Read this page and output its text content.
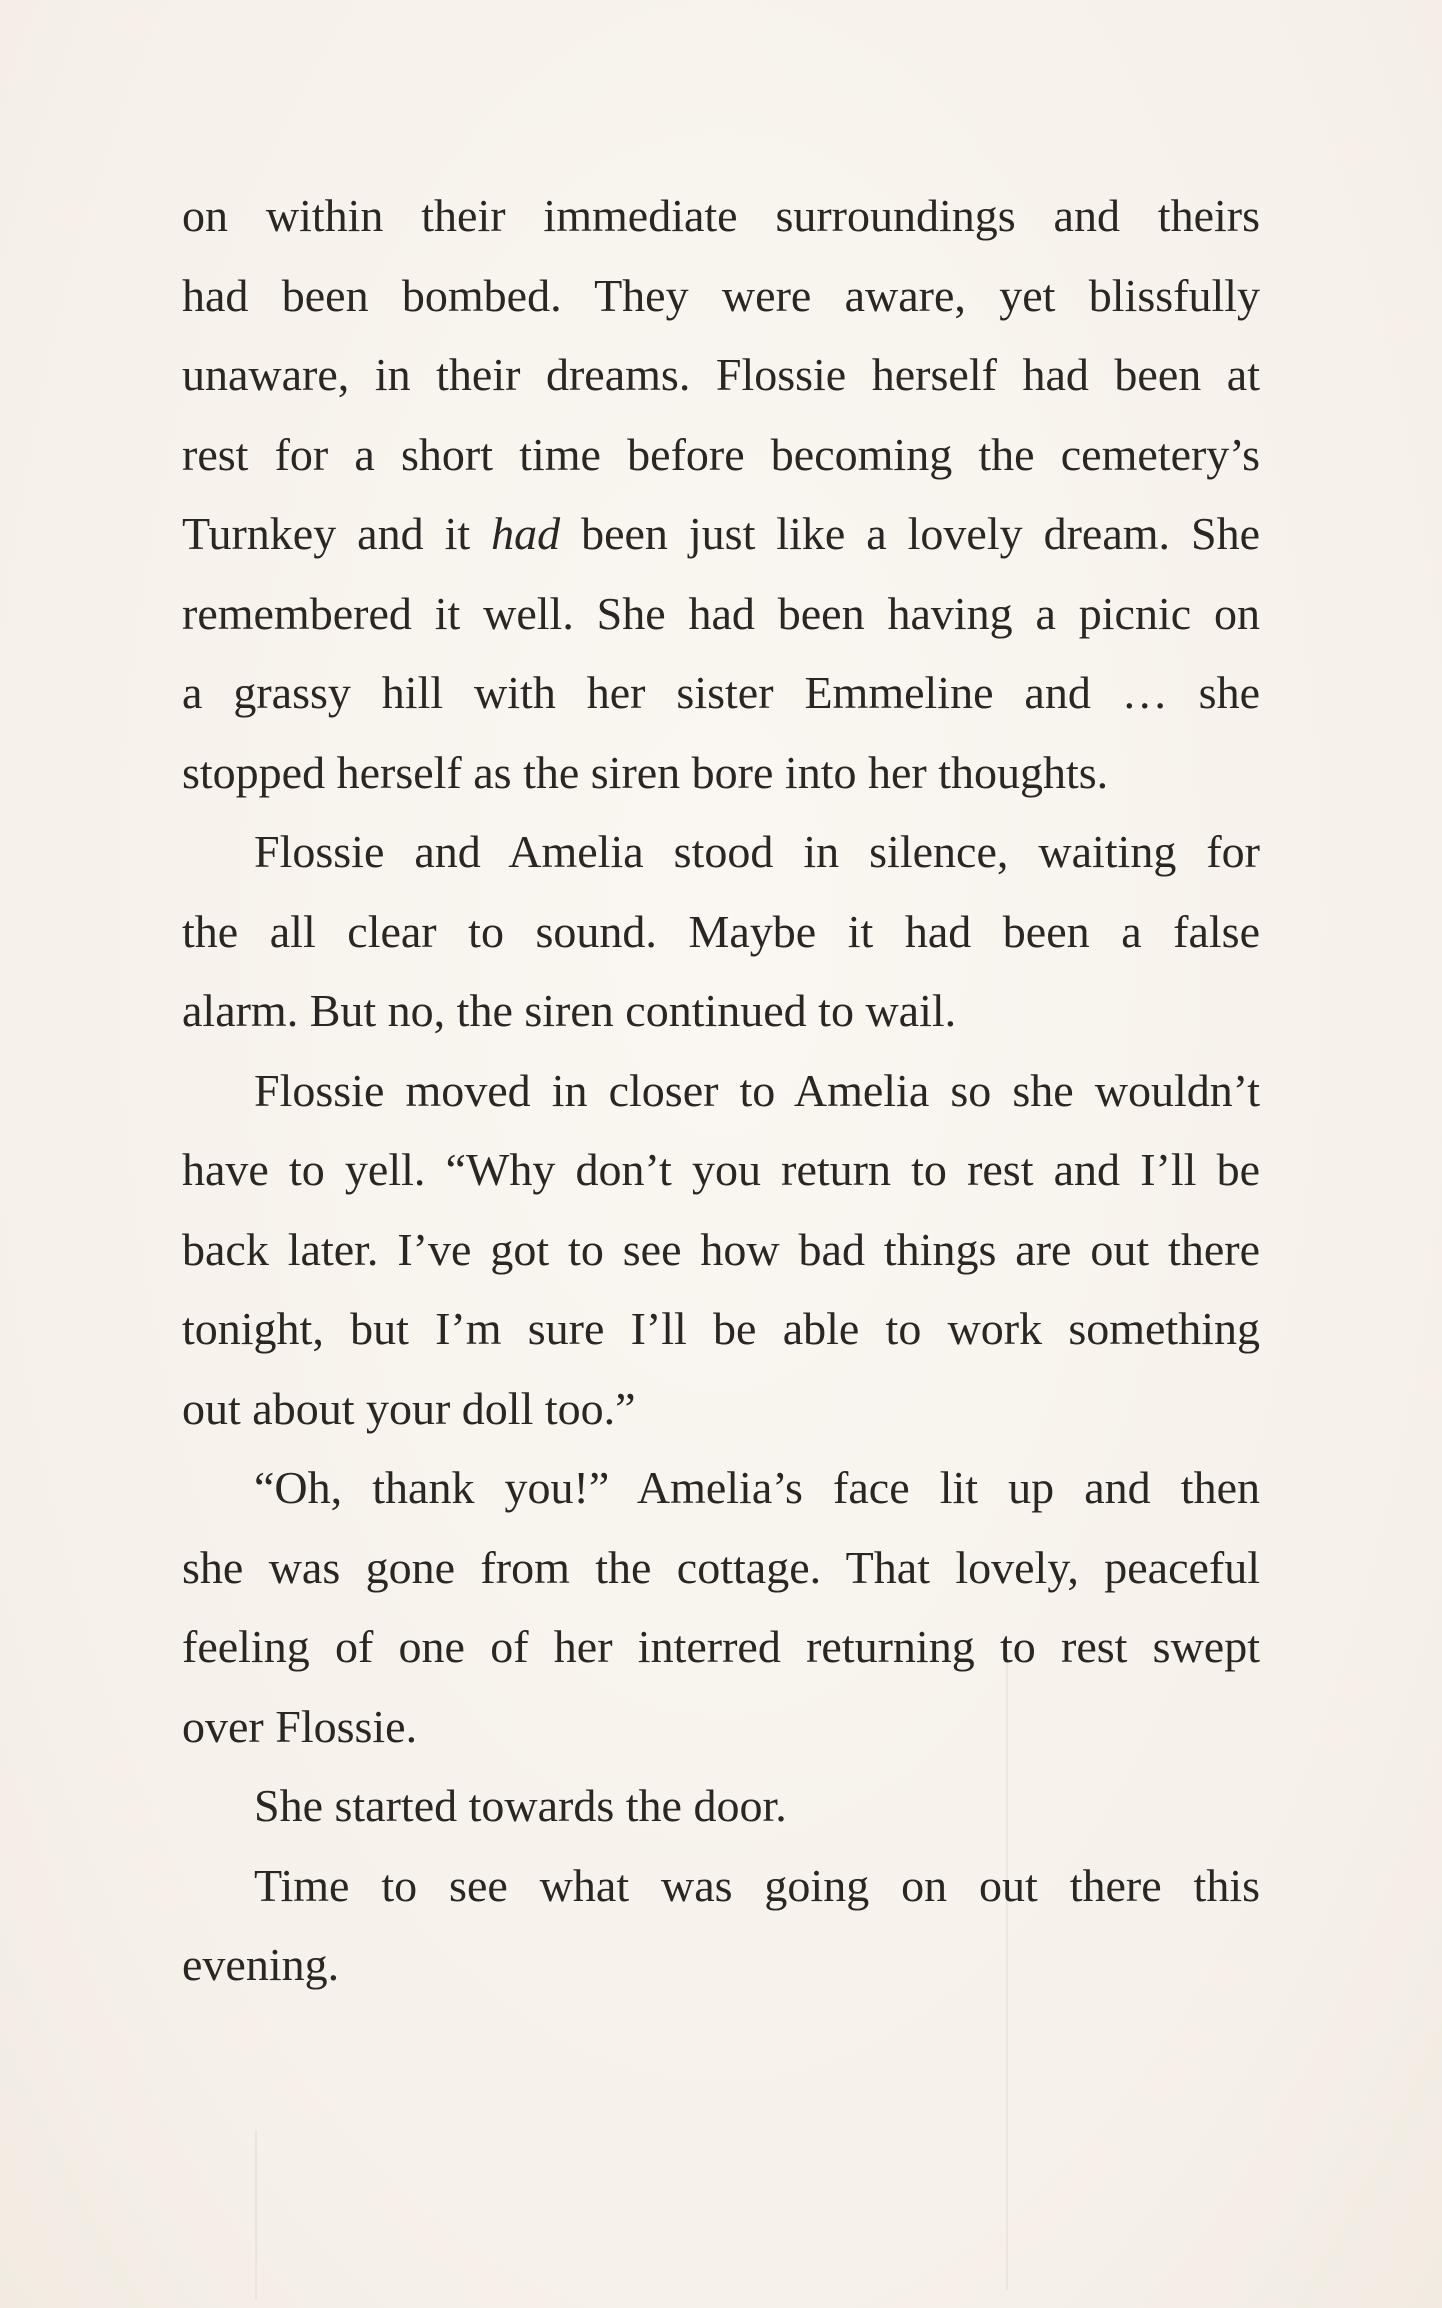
on within their immediate surroundings and theirs
had been bombed. They were aware, yet blissfully
unaware, in their dreams. Flossie herself had been at
rest for a short time before becoming the cemetery’s
Turnkey and it had been just like a lovely dream. She
remembered it well. She had been having a picnic on
a grassy hill with her sister Emmeline and … she
stopped herself as the siren bore into her thoughts.
Flossie and Amelia stood in silence, waiting for
the all clear to sound. Maybe it had been a false
alarm. But no, the siren continued to wail.
Flossie moved in closer to Amelia so she wouldn’t
have to yell. “Why don’t you return to rest and I’ll be
back later. I’ve got to see how bad things are out there
tonight, but I’m sure I’ll be able to work something
out about your doll too.”
“Oh, thank you!” Amelia’s face lit up and then
she was gone from the cottage. That lovely, peaceful
feeling of one of her interred returning to rest swept
over Flossie.
She started towards the door.
Time to see what was going on out there this
evening.
